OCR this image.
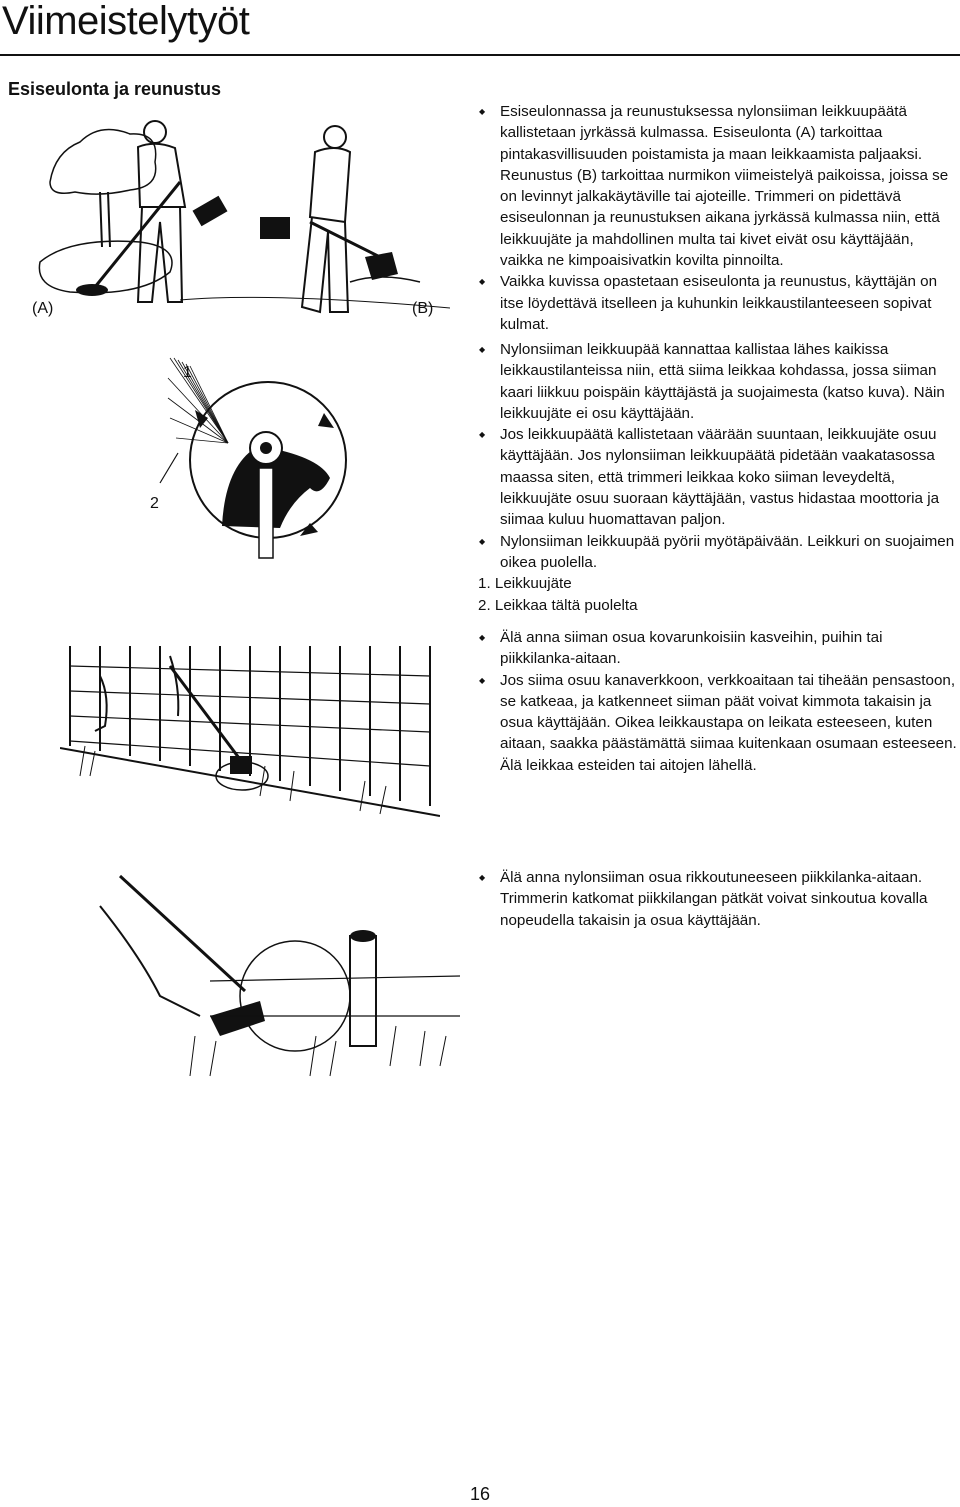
Viimeistelytyöt
Esiseulonta ja reunustus
(A)	(B)
1
2

◆ Esiseulonnassa ja reunustuksessa nylonsiiman leikkuupäätä kallistetaan jyrkässä kulmassa. Esiseulonta (A) tarkoittaa pintakasvillisuuden poistamista ja maan leikkaamista paljaaksi. Reunustus (B) tarkoittaa nurmikon viimeistelyä paikoissa, joissa se on levinnyt jalkakäytäville tai ajoteille. Trimmeri on pidettävä esiseulonnan ja reunustuksen aikana jyrkässä kulmassa niin, että leikkuujäte ja mahdollinen multa tai kivet eivät osu käyttäjään, vaikka ne kimpoaisivatkin kovilta pinnoilta.

◆ Vaikka kuvissa opastetaan esiseulonta ja reunustus, käyttäjän on itse löydettävä itselleen ja kuhunkin leikkaustilanteeseen sopivat kulmat.

◆ Nylonsiiman leikkuupää kannattaa kallistaa lähes kaikissa leikkaustilanteissa niin, että siima leikkaa kohdassa, jossa siiman kaari liikkuu poispäin käyttäjästä ja suojaimesta (katso kuva). Näin leikkuujäte ei osu käyttäjään.

◆ Jos leikkuupäätä kallistetaan väärään suuntaan, leikkuujäte osuu käyttäjään. Jos nylonsiiman leikkuupäätä pidetään vaakatasossa maassa siten, että trimmeri leikkaa koko siiman leveydeltä, leikkuujäte osuu suoraan käyttäjään, vastus hidastaa moottoria ja siimaa kuluu huomattavan paljon.

◆ Nylonsiiman leikkuupää pyörii myötäpäivään. Leikkuri on suojaimen oikea puolella.

1. Leikkuujäte

2. Leikkaa tältä puolelta

◆ Älä anna siiman osua kovarunkoisiin kasveihin, puihin tai piikkilanka-aitaan.

◆ Jos siima osuu kanaverkkoon, verkkoaitaan tai tiheään pensastoon, se katkeaa, ja katkenneet siiman päät voivat kimmota takaisin ja osua käyttäjään. Oikea leikkaustapa on leikata esteeseen, kuten aitaan, saakka päästämättä siimaa kuitenkaan osumaan esteeseen. Älä leikkaa esteiden tai aitojen lähellä.

◆ Älä anna nylonsiiman osua rikkoutuneeseen piikkilanka-aitaan. Trimmerin katkomat piikkilangan pätkät voivat sinkoutua kovalla nopeudella takaisin ja osua käyttäjään.

16
